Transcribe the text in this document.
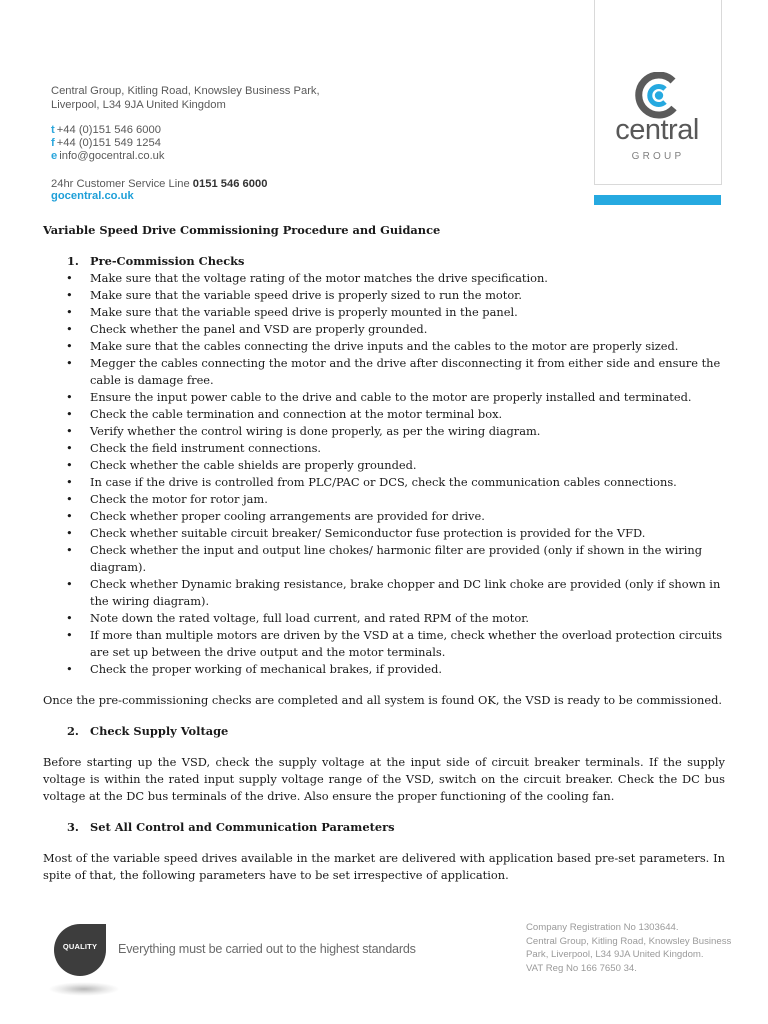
Central Group, Kitling Road, Knowsley Business Park,
Liverpool, L34 9JA United Kingdom
t +44 (0)151 546 6000
f +44 (0)151 549 1254
e info@gocentral.co.uk
24hr Customer Service Line 0151 546 6000
gocentral.co.uk
central
GROUP

Variable Speed Drive Commissioning Procedure and Guidance

1. Pre-Commission Checks

• Make sure that the voltage rating of the motor matches the drive specification.
• Make sure that the variable speed drive is properly sized to run the motor.
• Make sure that the variable speed drive is properly mounted in the panel.
• Check whether the panel and VSD are properly grounded.
• Make sure that the cables connecting the drive inputs and the cables to the motor are properly sized.
• Megger the cables connecting the motor and the drive after disconnecting it from either side and ensure the cable is damage free.
• Ensure the input power cable to the drive and cable to the motor are properly installed and terminated.
• Check the cable termination and connection at the motor terminal box.
• Verify whether the control wiring is done properly, as per the wiring diagram.
• Check the field instrument connections.
• Check whether the cable shields are properly grounded.
• In case if the drive is controlled from PLC/PAC or DCS, check the communication cables connections.
• Check the motor for rotor jam.
• Check whether proper cooling arrangements are provided for drive.
• Check whether suitable circuit breaker/ Semiconductor fuse protection is provided for the VFD.
• Check whether the input and output line chokes/ harmonic filter are provided (only if shown in the wiring diagram).
• Check whether Dynamic braking resistance, brake chopper and DC link choke are provided (only if shown in the wiring diagram).
• Note down the rated voltage, full load current, and rated RPM of the motor.
• If more than multiple motors are driven by the VSD at a time, check whether the overload protection circuits are set up between the drive output and the motor terminals.
• Check the proper working of mechanical brakes, if provided.

Once the pre-commissioning checks are completed and all system is found OK, the VSD is ready to be commissioned.

2. Check Supply Voltage

Before starting up the VSD, check the supply voltage at the input side of circuit breaker terminals. If the supply voltage is within the rated input supply voltage range of the VSD, switch on the circuit breaker. Check the DC bus voltage at the DC bus terminals of the drive. Also ensure the proper functioning of the cooling fan.

3. Set All Control and Communication Parameters

Most of the variable speed drives available in the market are delivered with application based pre-set parameters. In spite of that, the following parameters have to be set irrespective of application.

QUALITY	Everything must be carried out to the highest standards
Company Registration No 1303644.
Central Group, Kitling Road, Knowsley Business
Park, Liverpool, L34 9JA United Kingdom.
VAT Reg No 166 7650 34.
